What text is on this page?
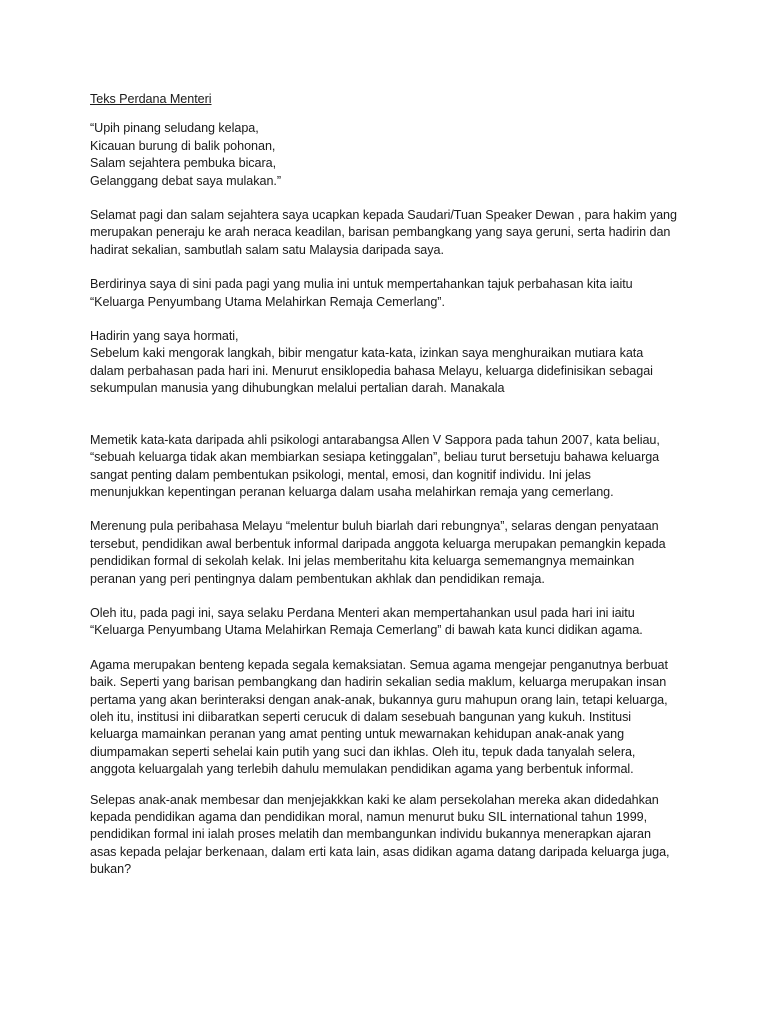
Teks Perdana Menteri
“Upih pinang seludang kelapa,
Kicauan burung di balik pohonan,
Salam sejahtera pembuka bicara,
Gelanggang debat saya mulakan.”
Selamat pagi dan salam sejahtera saya ucapkan kepada Saudari/Tuan Speaker Dewan , para hakim yang
merupakan peneraju ke arah neraca keadilan, barisan pembangkang yang saya geruni, serta hadirin dan
hadirat sekalian, sambutlah salam satu Malaysia daripada saya.
Berdirinya saya di sini pada pagi yang mulia ini untuk mempertahankan tajuk perbahasan kita iaitu
“Keluarga Penyumbang Utama Melahirkan Remaja Cemerlang”.
Hadirin yang saya hormati,
Sebelum kaki mengorak langkah, bibir mengatur kata-kata, izinkan saya menghuraikan mutiara kata
dalam perbahasan pada hari ini. Menurut ensiklopedia bahasa Melayu, keluarga didefinisikan sebagai
sekumpulan manusia yang dihubungkan melalui pertalian darah. Manakala
Memetik kata-kata daripada ahli psikologi antarabangsa Allen V Sappora pada tahun 2007, kata beliau,
“sebuah keluarga tidak akan membiarkan sesiapa ketinggalan”, beliau turut bersetuju bahawa keluarga
sangat penting dalam pembentukan psikologi, mental, emosi, dan kognitif individu. Ini jelas
menunjukkan kepentingan peranan keluarga dalam usaha melahirkan remaja yang cemerlang.
Merenung pula peribahasa Melayu “melentur buluh biarlah dari rebungnya”, selaras dengan penyataan
tersebut, pendidikan awal berbentuk informal daripada anggota keluarga merupakan pemangkin kepada
pendidikan formal di sekolah kelak. Ini jelas memberitahu kita keluarga sememangnya memainkan
peranan yang peri pentingnya dalam pembentukan akhlak dan pendidikan remaja.
Oleh itu, pada pagi ini, saya selaku Perdana Menteri akan mempertahankan usul pada hari ini iaitu
“Keluarga Penyumbang Utama Melahirkan Remaja Cemerlang” di bawah kata kunci didikan agama.
Agama merupakan benteng kepada segala kemaksiatan. Semua agama mengejar penganutnya berbuat
baik. Seperti yang barisan pembangkang dan hadirin sekalian sedia maklum, keluarga merupakan insan
pertama yang akan berinteraksi dengan anak-anak, bukannya guru mahupun orang lain, tetapi keluarga,
oleh itu, institusi ini diibaratkan seperti cerucuk di dalam sesebuah bangunan yang kukuh. Institusi
keluarga mamainkan peranan yang amat penting untuk mewarnakan kehidupan anak-anak yang
diumpamakan seperti sehelai kain putih yang suci dan ikhlas. Oleh itu, tepuk dada tanyalah selera,
anggota keluargalah yang terlebih dahulu memulakan pendidikan agama yang berbentuk informal.
Selepas anak-anak membesar dan menjejakkkan kaki ke alam persekolahan mereka akan didedahkan
kepada pendidikan agama dan pendidikan moral, namun menurut buku SIL international tahun 1999,
pendidikan formal ini ialah proses melatih dan membangunkan individu bukannya menerapkan ajaran
asas kepada pelajar berkenaan, dalam erti kata lain, asas didikan agama datang daripada keluarga juga,
bukan?
